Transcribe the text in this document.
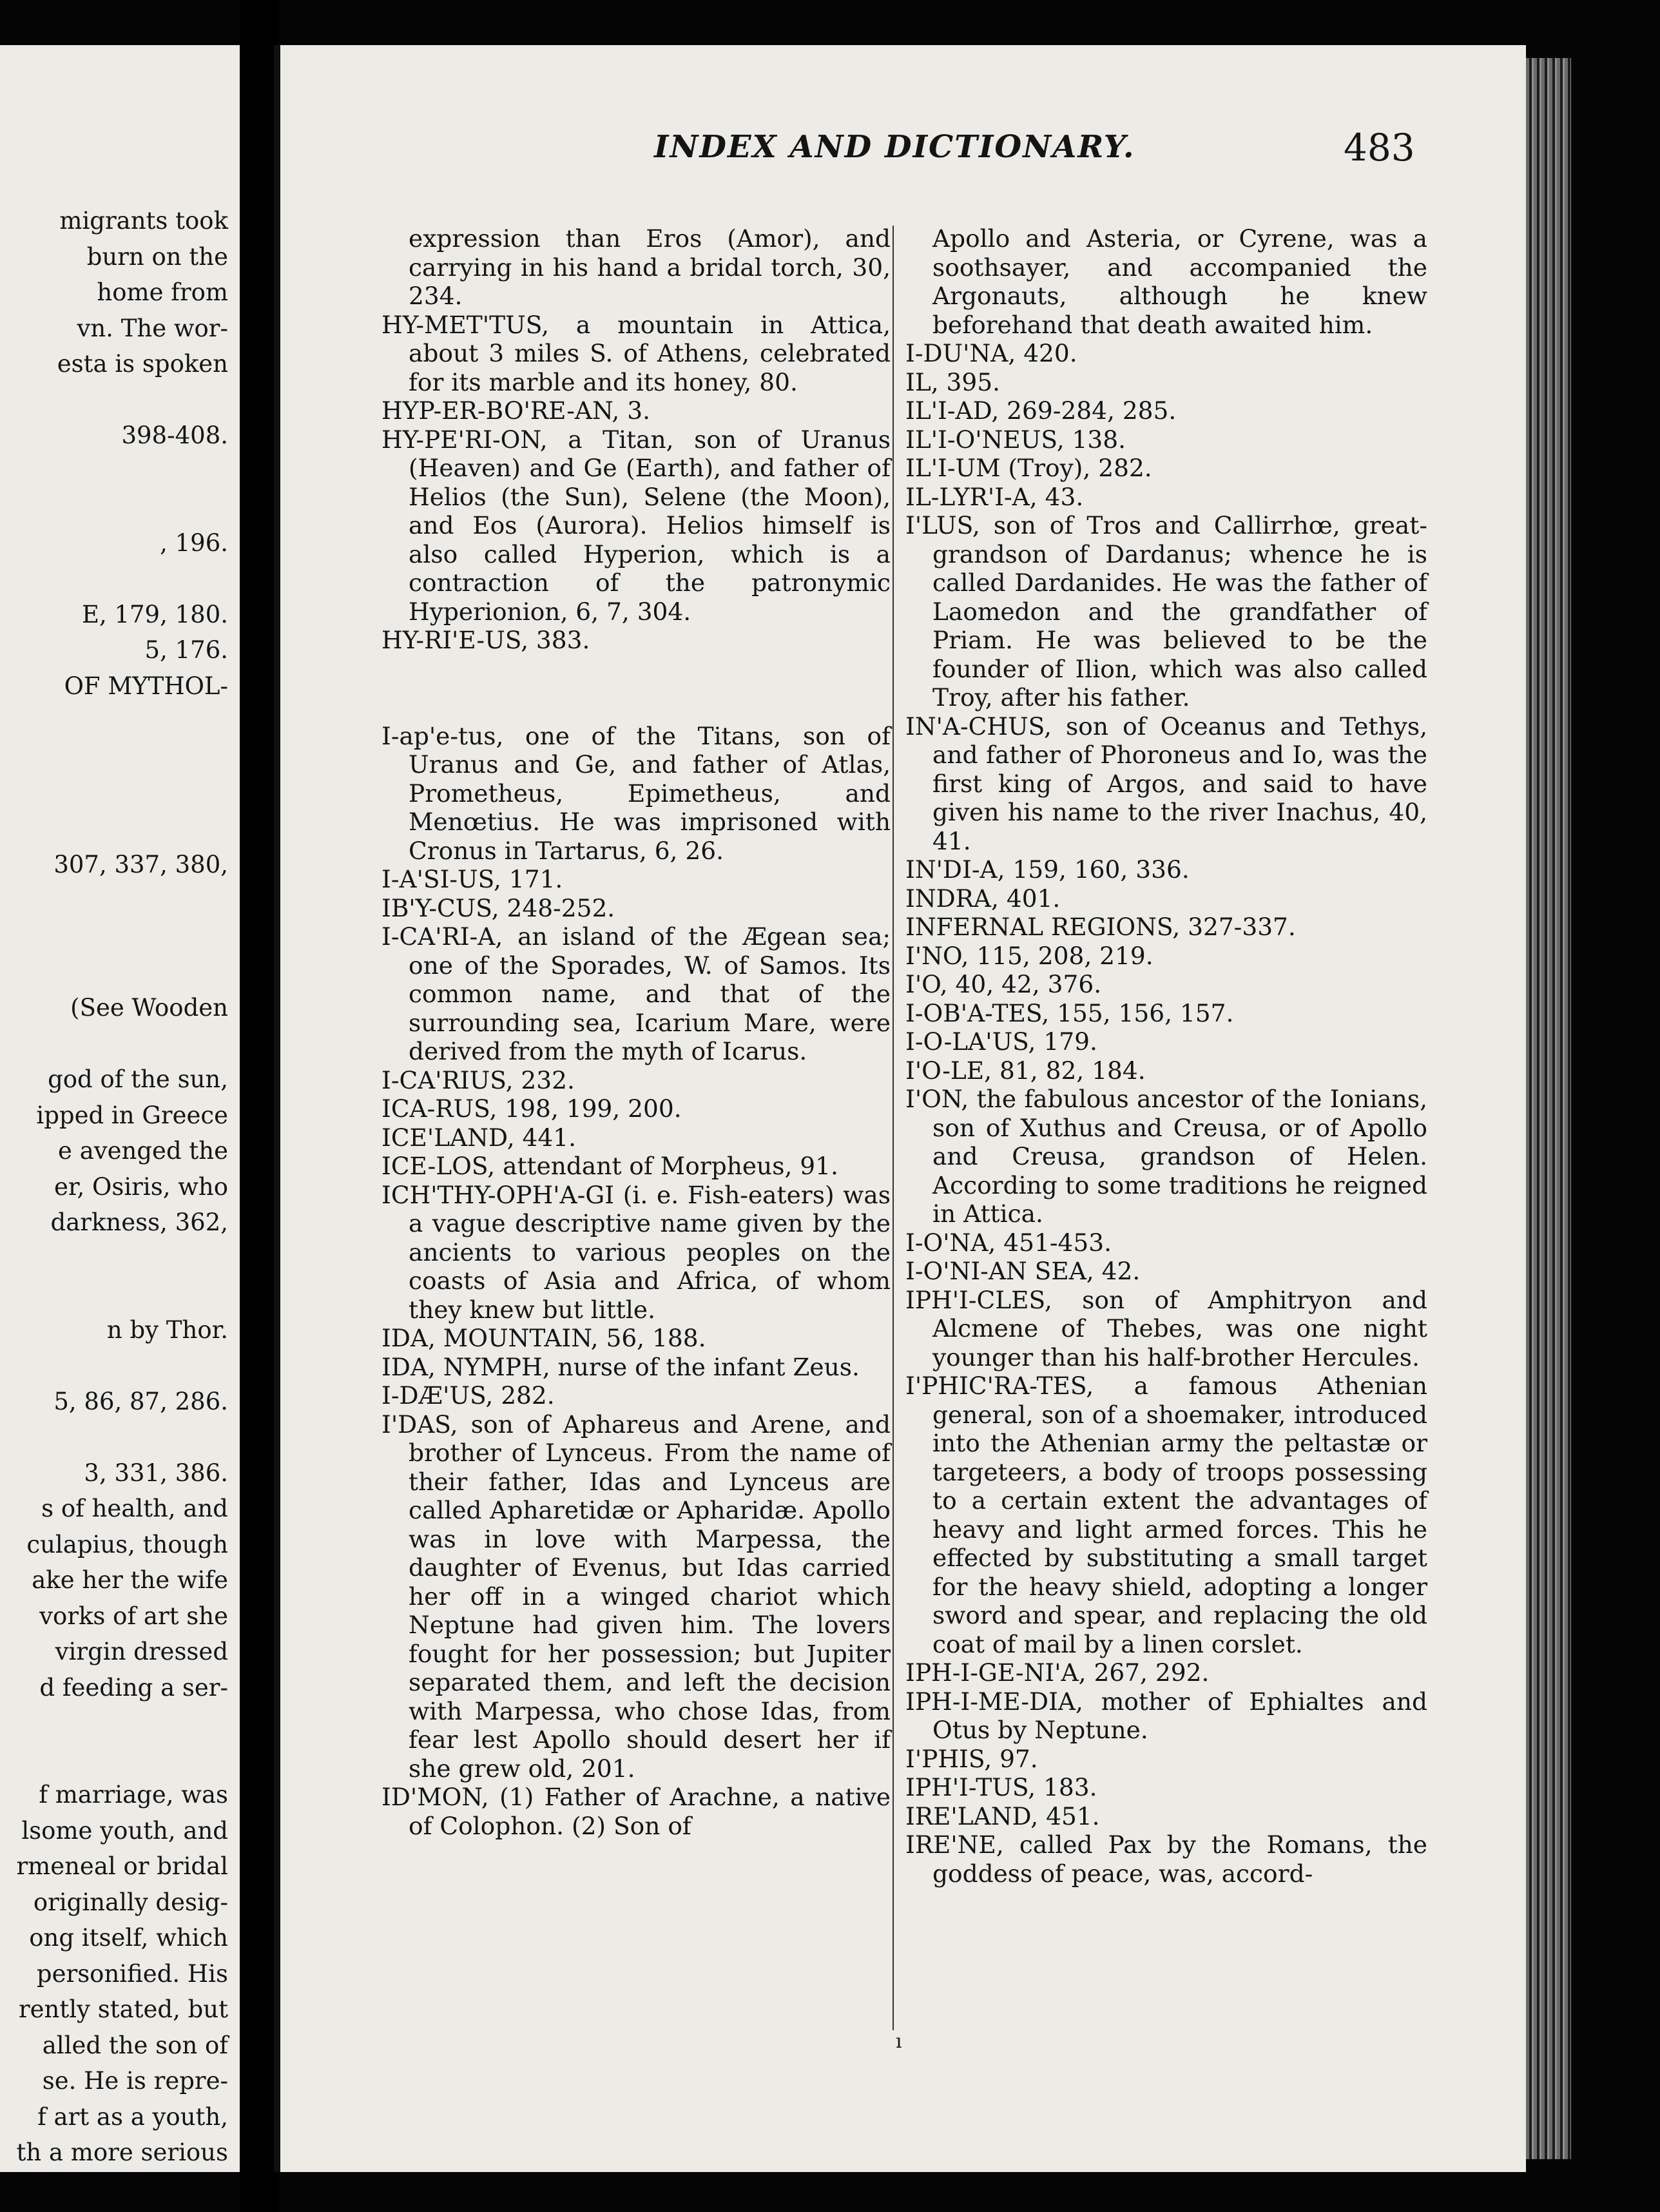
migrants took
burn on the
home from
vn. The wor-
esta is spoken
398-408.
, 196.
E, 179, 180.
5, 176.
OF MYTHOL-
307, 337, 380,
(See Wooden
god of the sun,
ipped in Greece
e avenged the
er, Osiris, who
darkness, 362,
n by Thor.
5, 86, 87, 286.
3, 331, 386.
s of health, and
culapius, though
ake her the wife
vorks of art she
virgin dressed
d feeding a ser-
f marriage, was
lsome youth, and
rmeneal or bridal
originally desig-
ong itself, which
personified. His
rently stated, but
alled the son of
se. He is repre-
f art as a youth,
th a more serious
INDEX AND DICTIONARY.	483

expression than Eros (Amor), and carrying in his hand a bridal torch, 30, 234.

HY-MET'TUS, a mountain in Attica, about 3 miles S. of Athens, celebrated for its marble and its honey, 80.

HYP-ER-BO'RE-AN, 3.

HY-PE'RI-ON, a Titan, son of Uranus (Heaven) and Ge (Earth), and father of Helios (the Sun), Selene (the Moon), and Eos (Aurora). Helios himself is also called Hyperion, which is a contraction of the patronymic Hyperionion, 6, 7, 304.

HY-RI'E-US, 383.

I-ap'e-tus, one of the Titans, son of Uranus and Ge, and father of Atlas, Prometheus, Epimetheus, and Menœtius. He was imprisoned with Cronus in Tartarus, 6, 26.

I-A'SI-US, 171.

IB'Y-CUS, 248-252.

I-CA'RI-A, an island of the Ægean sea; one of the Sporades, W. of Samos. Its common name, and that of the surrounding sea, Icarium Mare, were derived from the myth of Icarus.

I-CA'RIUS, 232.

ICA-RUS, 198, 199, 200.

ICE'LAND, 441.

ICE-LOS, attendant of Morpheus, 91.

ICH'THY-OPH'A-GI (i. e. Fish-eaters) was a vague descriptive name given by the ancients to various peoples on the coasts of Asia and Africa, of whom they knew but little.

IDA, MOUNTAIN, 56, 188.

IDA, NYMPH, nurse of the infant Zeus.

I-DÆ'US, 282.

I'DAS, son of Aphareus and Arene, and brother of Lynceus. From the name of their father, Idas and Lynceus are called Apharetidæ or Apharidæ. Apollo was in love with Marpessa, the daughter of Evenus, but Idas carried her off in a winged chariot which Neptune had given him. The lovers fought for her possession; but Jupiter separated them, and left the decision with Marpessa, who chose Idas, from fear lest Apollo should desert her if she grew old, 201.

ID'MON, (1) Father of Arachne, a native of Colophon. (2) Son of

Apollo and Asteria, or Cyrene, was a soothsayer, and accompanied the Argonauts, although he knew beforehand that death awaited him.

I-DU'NA, 420.

IL, 395.

IL'I-AD, 269-284, 285.

IL'I-O'NEUS, 138.

IL'I-UM (Troy), 282.

IL-LYR'I-A, 43.

I'LUS, son of Tros and Callirrhœ, great-grandson of Dardanus; whence he is called Dardanides. He was the father of Laomedon and the grandfather of Priam. He was believed to be the founder of Ilion, which was also called Troy, after his father.

IN'A-CHUS, son of Oceanus and Tethys, and father of Phoroneus and Io, was the first king of Argos, and said to have given his name to the river Inachus, 40, 41.

IN'DI-A, 159, 160, 336.

INDRA, 401.

INFERNAL REGIONS, 327-337.

I'NO, 115, 208, 219.

I'O, 40, 42, 376.

I-OB'A-TES, 155, 156, 157.

I-O-LA'US, 179.

I'O-LE, 81, 82, 184.

I'ON, the fabulous ancestor of the Ionians, son of Xuthus and Creusa, or of Apollo and Creusa, grandson of Helen. According to some traditions he reigned in Attica.

I-O'NA, 451-453.

I-O'NI-AN SEA, 42.

IPH'I-CLES, son of Amphitryon and Alcmene of Thebes, was one night younger than his half-brother Hercules.

I'PHIC'RA-TES, a famous Athenian general, son of a shoemaker, introduced into the Athenian army the peltastæ or targeteers, a body of troops possessing to a certain extent the advantages of heavy and light armed forces. This he effected by substituting a small target for the heavy shield, adopting a longer sword and spear, and replacing the old coat of mail by a linen corslet.

IPH-I-GE-NI'A, 267, 292.

IPH-I-ME-DIA, mother of Ephialtes and Otus by Neptune.

I'PHIS, 97.

IPH'I-TUS, 183.

IRE'LAND, 451.

IRE'NE, called Pax by the Romans, the goddess of peace, was, accord-

ı
